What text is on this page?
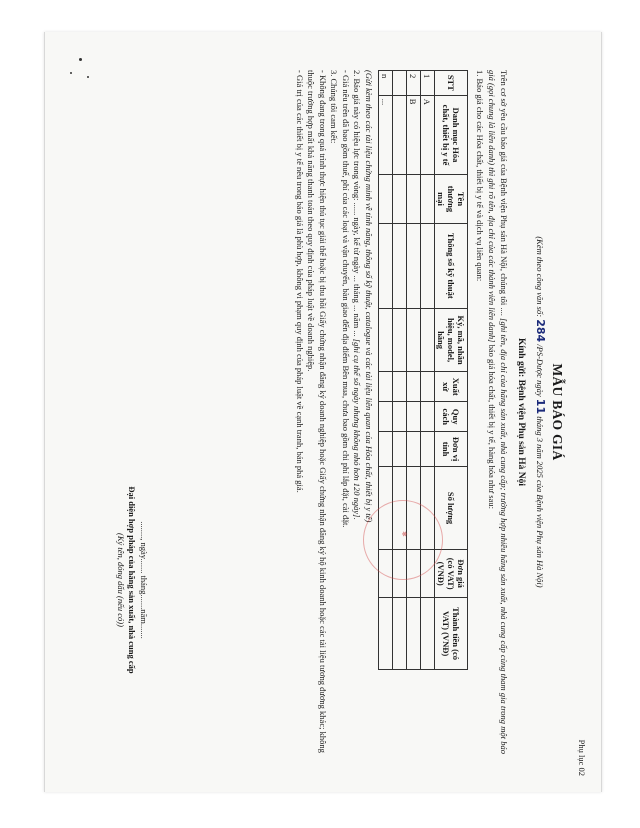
Phụ lục 02
MẪU BÁO GIÁ
(Kèm theo công văn số: 284 /PS-Dược ngày 11 tháng 3 năm 2025 của Bệnh viện Phụ sản Hà Nội)
Kính gửi: Bệnh viện Phụ sản Hà Nội

Trên cơ sở yêu cầu báo giá của Bệnh viện Phụ sản Hà Nội, chúng tôi .... [ghi tên, địa chỉ của hãng sản xuất, nhà cung cấp; trường hợp nhiều hãng sản xuất, nhà cung cấp cùng tham gia trong một báo giá (gọi chung là liên danh) thì ghi rõ tên, địa chỉ của các thành viên liên danh] báo giá hóa chất, thiết bị y tế, hàng hóa như sau:

1. Báo giá cho các Hóa chất, thiết bị y tế và dịch vụ liên quan:

STT	Danh mục Hóa chất, thiết bị y tế	Tên thương mại	Thông số kỹ thuật	Ký, mã, nhãn hiệu, model, hãng	Xuất xứ	Quy cách	Đơn vị tính	Số lượng	Đơn giá (có VAT) (VNĐ)	Thành tiền (có VAT) (VNĐ)
1	A									
2	B									

n	...									
(Gửi kèm theo các tài liệu chứng minh về tính năng, thông số kỹ thuật, catalogue và các tài liệu liên quan của Hóa chất, thiết bị y tế)
2. Báo giá này có hiệu lực trong vòng: ...... ngày, kể từ ngày ... tháng ... năm ... [ghi cụ thể số ngày nhưng không nhỏ hơn 120 ngày].
- Giá nêu trên đã bao gồm thuế, phí của các loại và vận chuyển, bàn giao đến địa điểm Bên mua, chưa bao gồm chi phí lắp đặt, cài đặt.
3. Chúng tôi cam kết:
- Không đang trong quá trình thực hiện thủ tục giải thể hoặc bị thu hồi Giấy chứng nhận đăng ký doanh nghiệp hoặc Giấy chứng nhận đăng ký hộ kinh doanh hoặc các tài liệu tương đương khác; không thuộc trường hợp mất khả năng thanh toán theo quy định của pháp luật về doanh nghiệp.
- Giá trị của các thiết bị y tế nêu trong báo giá là phù hợp, không vi phạm quy định của pháp luật về cạnh tranh, bán phá giá.
........, ngày....... tháng.......năm.......
Đại diện hợp pháp của hãng sản xuất, nhà cung cấp
(Ký tên, đóng dấu (nếu có))	✱
